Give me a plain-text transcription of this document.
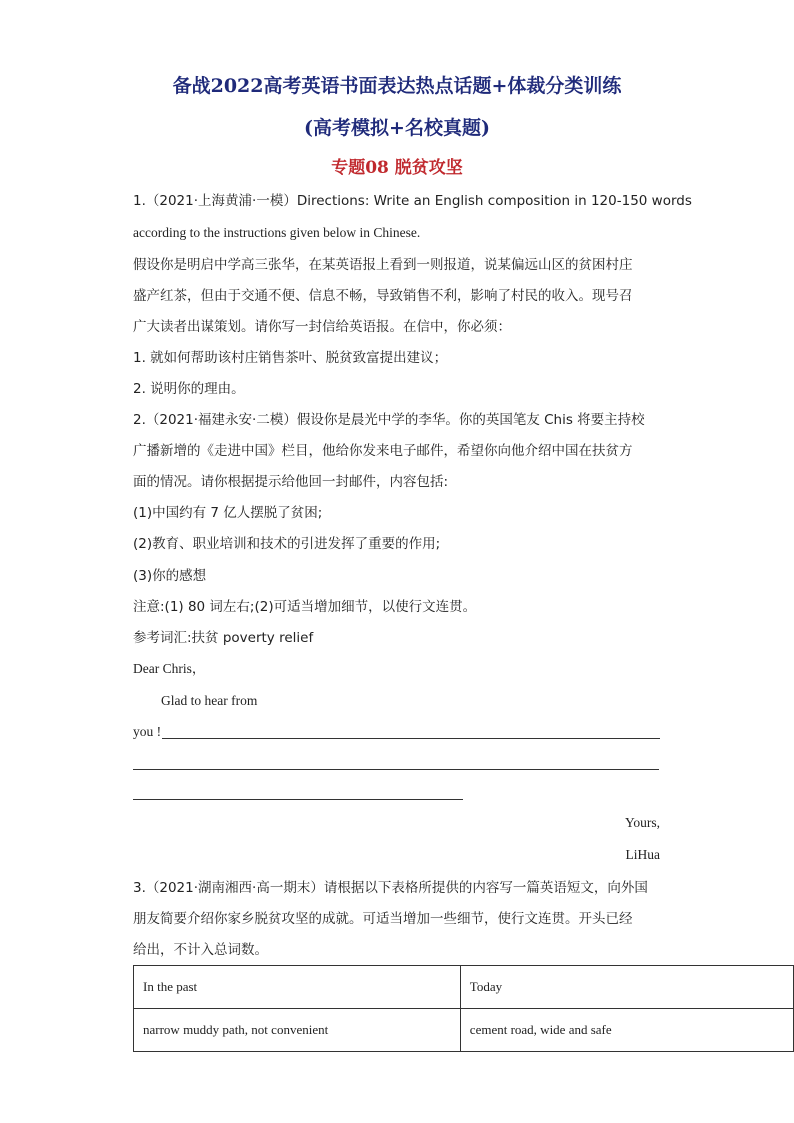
备战2022高考英语书面表达热点话题+体裁分类训练
(高考模拟+名校真题)
专题08 脱贫攻坚
1.（2021·上海黄浦·一模）Directions: Write an English composition in 120-150 words
according to the instructions given below in Chinese.
假设你是明启中学高三张华，在某英语报上看到一则报道，说某偏远山区的贫困村庄
盛产红茶，但由于交通不便、信息不畅，导致销售不利，影响了村民的收入。现号召
广大读者出谋策划。请你写一封信给英语报。在信中，你必须：
1. 就如何帮助该村庄销售茶叶、脱贫致富提出建议；
2. 说明你的理由。
2.（2021·福建永安·二模）假设你是晨光中学的李华。你的英国笔友 Chis 将要主持校
广播新增的《走进中国》栏目，他给你发来电子邮件，希望你向他介绍中国在扶贫方
面的情况。请你根据提示给他回一封邮件，内容包括:
(1)中国约有 7 亿人摆脱了贫困;
(2)教育、职业培训和技术的引进发挥了重要的作用;
(3)你的感想
注意:(1) 80 词左右;(2)可适当增加细节，以使行文连贯。
参考词汇:扶贫 poverty relief
Dear Chris，
Glad to hear from
you !
Yours,
LiHua
3.（2021·湖南湘西·高一期末）请根据以下表格所提供的内容写一篇英语短文，向外国
朋友简要介绍你家乡脱贫攻坚的成就。可适当增加一些细节，使行文连贯。开头已经
给出，不计入总词数。
In the past	Today
narrow muddy path, not convenient	cement road, wide and safe
